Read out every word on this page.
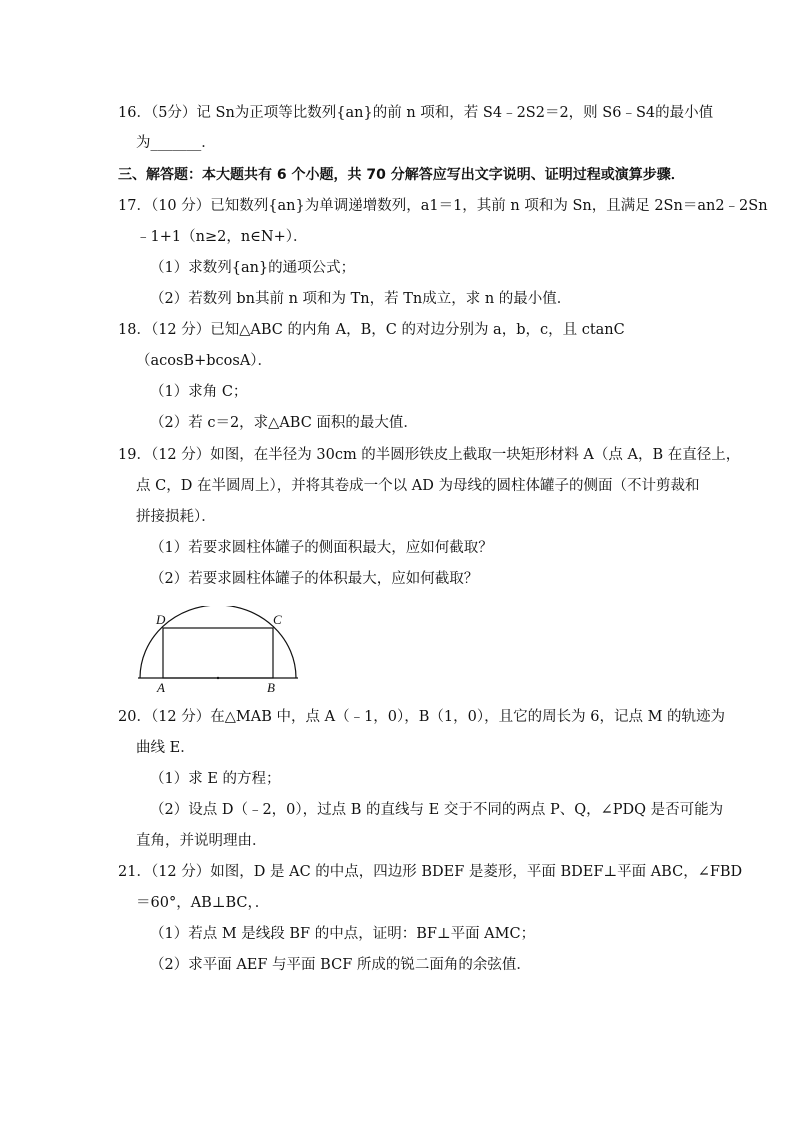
16．（5分）记 Sn为正项等比数列{an}的前 n 项和，若 S4﹣2S2＝2，则 S6﹣S4的最小值
为_______．
三、解答题：本大题共有 6 个小题，共 70 分解答应写出文字说明、证明过程或演算步骤．
17．（10 分）已知数列{an}为单调递增数列，a1＝1，其前 n 项和为 Sn，且满足 2Sn＝an2﹣2Sn
﹣1+1（n≥2，n∈N+）．
（1）求数列{an}的通项公式；
（2）若数列 bn其前 n 项和为 Tn，若 Tn成立，求 n 的最小值．
18．（12 分）已知△ABC 的内角 A，B，C 的对边分别为 a，b，c，且 ctanC
（acosB+bcosA）．
（1）求角 C；
（2）若 c＝2，求△ABC 面积的最大值．
19．（12 分）如图，在半径为 30cm 的半圆形铁皮上截取一块矩形材料 A（点 A，B 在直径上，
点 C，D 在半圆周上），并将其卷成一个以 AD 为母线的圆柱体罐子的侧面（不计剪裁和
拼接损耗）．
（1）若要求圆柱体罐子的侧面积最大，应如何截取？
（2）若要求圆柱体罐子的体积最大，应如何截取？
D	C
A	B
20．（12 分）在△MAB 中，点 A（﹣1，0），B（1，0），且它的周长为 6，记点 M 的轨迹为
曲线 E．
（1）求 E 的方程；
（2）设点 D（﹣2，0），过点 B 的直线与 E 交于不同的两点 P、Q，∠PDQ 是否可能为
直角，并说明理由．
21．（12 分）如图，D 是 AC 的中点，四边形 BDEF 是菱形，平面 BDEF⊥平面 ABC，∠FBD
＝60°，AB⊥BC，．
（1）若点 M 是线段 BF 的中点，证明：BF⊥平面 AMC；
（2）求平面 AEF 与平面 BCF 所成的锐二面角的余弦值．
